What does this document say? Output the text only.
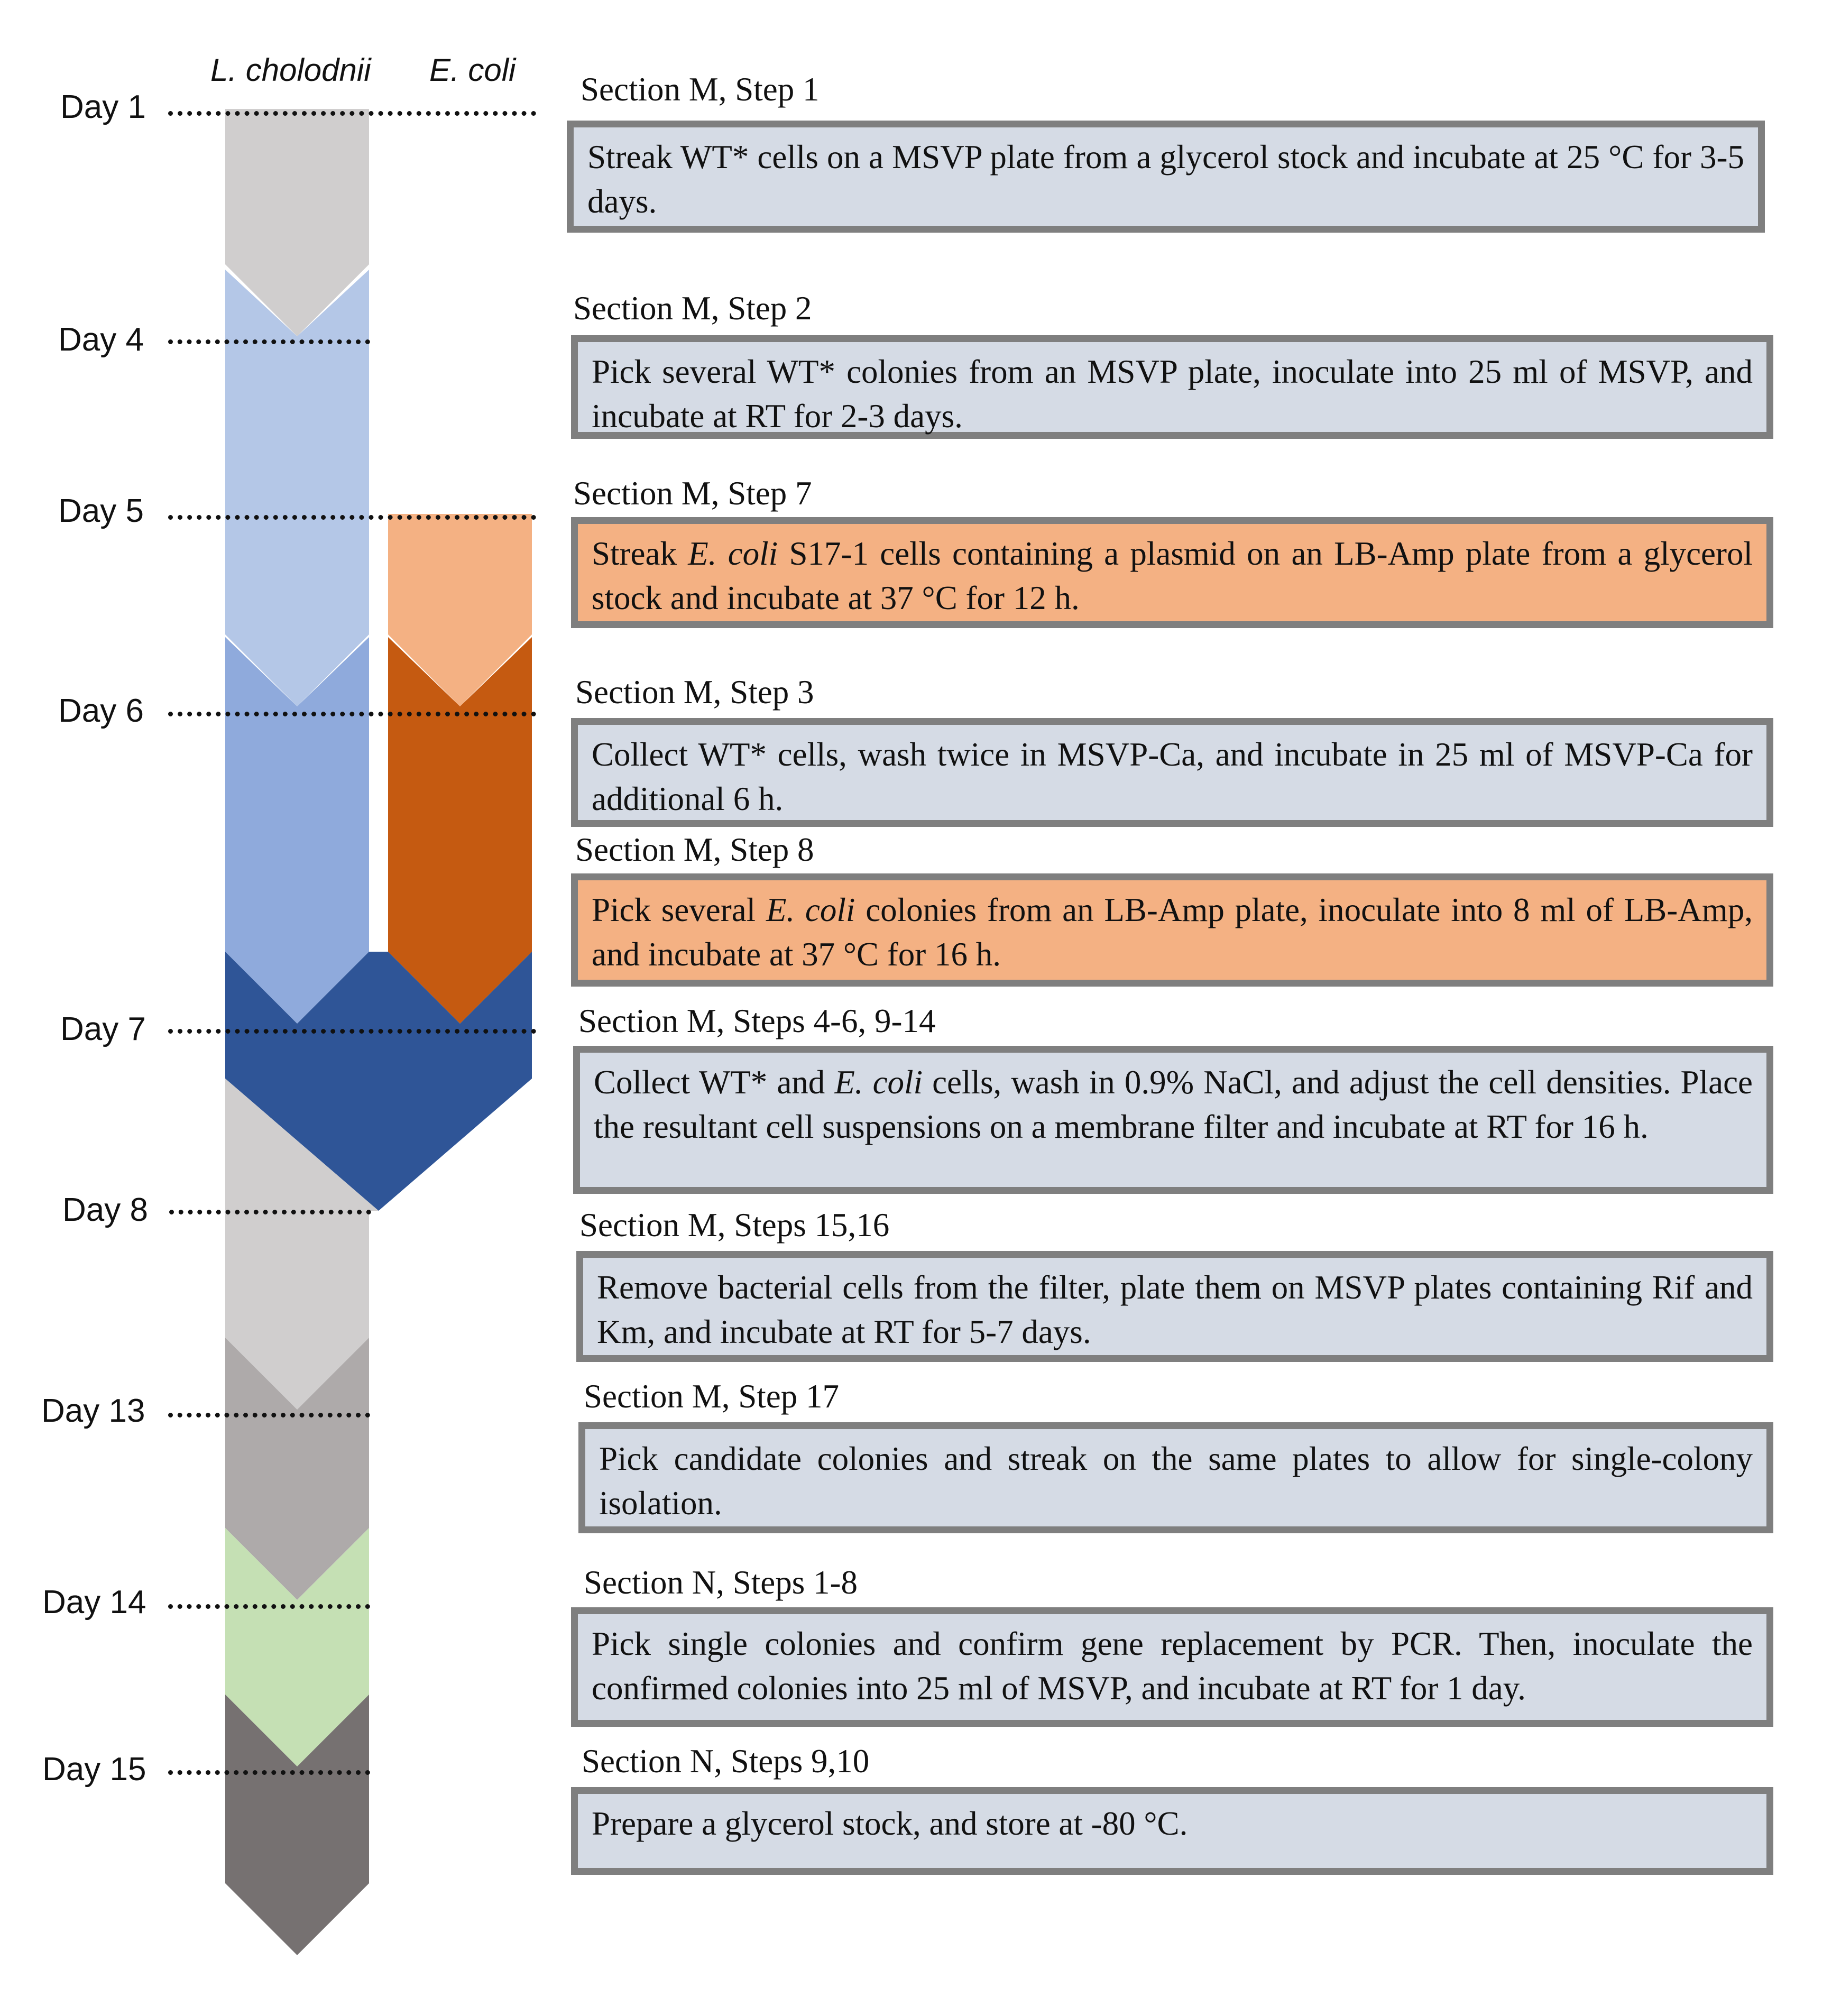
L. cholodnii E. coli
Day 1
Day 4
Day 5
Day 6
Day 7
Day 8
Day 13
Day 14
Day 15
Section M, Step 1
Streak WT* cells on a MSVP plate from a glycerol stock and incubate at 25 °C for 3-5 days.
Section M, Step 2
Pick several WT* colonies from an MSVP plate, inoculate into 25 ml of MSVP, and incubate at RT for 2-3 days.
Section M, Step 7
Streak E. coli S17-1 cells containing a plasmid on an LB-Amp plate from a glycerol stock and incubate at 37 °C for 12 h.
Section M, Step 3
Collect WT* cells, wash twice in MSVP-Ca, and incubate in 25 ml of MSVP-Ca for additional 6 h.
Section M, Step 8
Pick several E. coli colonies from an LB-Amp plate, inoculate into 8 ml of LB-Amp, and incubate at 37 °C for 16 h.
Section M, Steps 4-6, 9-14
Collect WT* and E. coli cells, wash in 0.9% NaCl, and adjust the cell densities. Place the resultant cell suspensions on a membrane filter and incubate at RT for 16 h.
Section M, Steps 15,16
Remove bacterial cells from the filter, plate them on MSVP plates containing Rif and Km, and incubate at RT for 5-7 days.
Section M, Step 17
Pick candidate colonies and streak on the same plates to allow for single-colony isolation.
Section N, Steps 1-8
Pick single colonies and confirm gene replacement by PCR. Then, inoculate the confirmed colonies into 25 ml of MSVP, and incubate at RT for 1 day.
Section N, Steps 9,10
Prepare a glycerol stock, and store at -80 °C.
